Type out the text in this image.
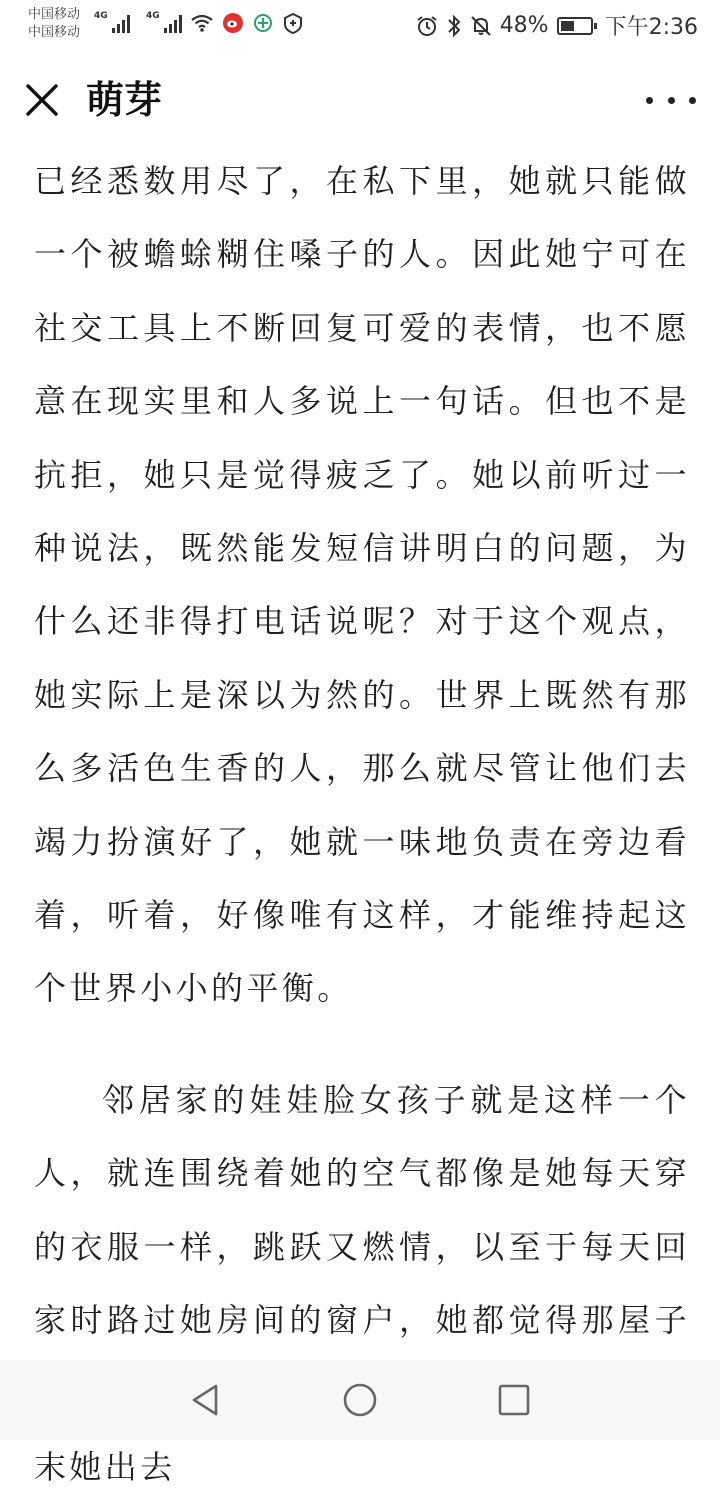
中国移动
中国移动
4G	4G	48%	下午2:36
萌芽

已经悉数用尽了，在私下里，她就只能做一个被蟾蜍糊住嗓子的人。因此她宁可在社交工具上不断回复可爱的表情，也不愿意在现实里和人多说上一句话。但也不是抗拒，她只是觉得疲乏了。她以前听过一种说法，既然能发短信讲明白的问题，为什么还非得打电话说呢？对于这个观点，她实际上是深以为然的。世界上既然有那么多活色生香的人，那么就尽管让他们去竭力扮演好了，她就一味地负责在旁边看着，听着，好像唯有这样，才能维持起这个世界小小的平衡。

邻居家的娃娃脸女孩子就是这样一个人，就连围绕着她的空气都像是她每天穿的衣服一样，跳跃又燃情，以至于每天回家时路过她房间的窗户，她都觉得那屋子 末她出去
